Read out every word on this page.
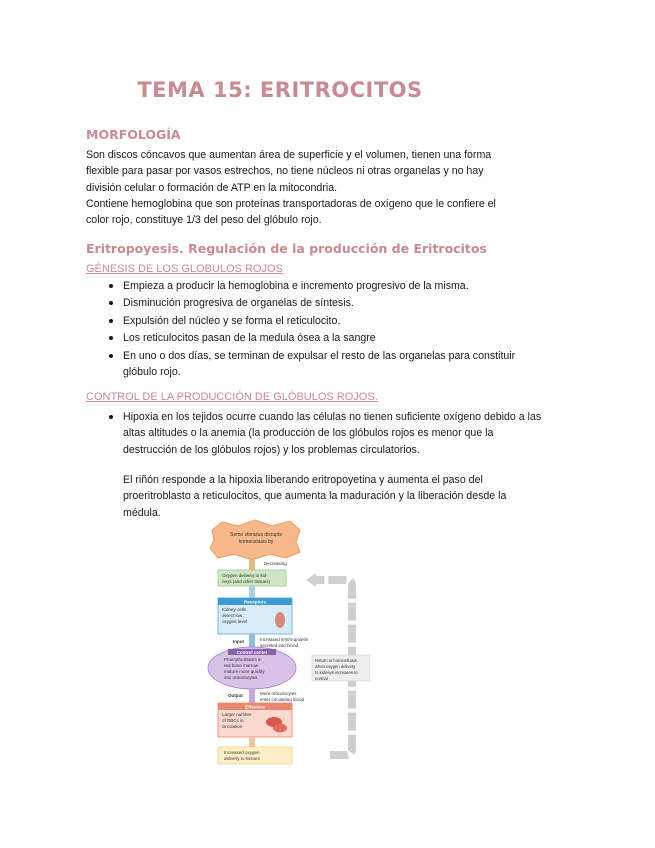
TEMA 15: ERITROCITOS
MORFOLOGÍA

Son discos cóncavos que aumentan área de superficie y el volumen, tienen una forma flexible para pasar por vasos estrechos, no tiene núcleos ni otras organelas y no hay división celular o formación de ATP en la mitocondria.

Contiene hemoglobina que son proteínas transportadoras de oxígeno que le confiere el color rojo, constituye 1/3 del peso del glóbulo rojo.

Eritropoyesis. Regulación de la producción de Eritrocitos
GÉNESIS DE LOS GLOBULOS ROJOS
• Empieza a producir la hemoglobina e incremento progresivo de la misma.
• Disminución progresiva de organelas de síntesis.
• Expulsión del núcleo y se forma el reticulocito.
• Los reticulocitos pasan de la medula ósea a la sangre
• En uno o dos días, se terminan de expulsar el resto de las organelas para constituir glóbulo rojo.
CONTROL DE LA PRODUCCIÓN DE GLÓBULOS ROJOS.
• Hipoxia en los tejidos ocurre cuando las células no tienen suficiente oxígeno debido a las altas altitudes o la anemia (la producción de los glóbulos rojos es menor que la destrucción de los glóbulos rojos) y los problemas circulatorios.
El riñón responde a la hipoxia liberando eritropoyetina y aumenta el paso del proeritroblasto a reticulocitos, que aumenta la maduración y la liberación desde la médula.
Some stimulus disrupts
homeostasis by
Decreasing
Oxygen delivery to kid-
neys (and other tissues)
Receptors
Kidney cells
detect low
oxygen level
Input	Increased erythropoietin
secreted into blood
Control center
Proerythroblasts in
red bone marrow
mature more quickly
into reticulocytes
Return to homeostasis
when oxygen delivery
to kidneys increases to
normal
Output	More reticulocytes
enter circulating blood
Effectors
Larger number
of RBCs in
circulation
Increased oxygen
delivery to tissues
